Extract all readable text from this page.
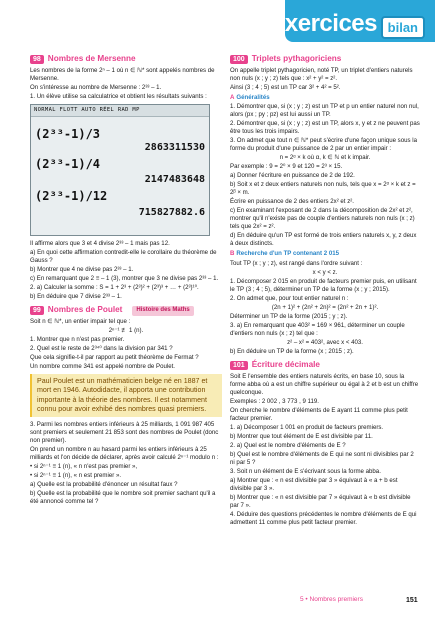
Exercices bilan
98 Nombres de Mersenne
Les nombres de la forme 2ⁿ – 1 où n ∈ ℕ* sont appelés nombres de Mersenne.
On s'intéresse au nombre de Mersenne : 2³³ – 1.
1. Un élève utilise sa calculatrice et obtient les résultats suivants :
NORMAL FLOTT AUTO RÉEL RAD MP
(2³³-1)/3
2863311530
(2³³-1)/4
2147483648
(2³³-1)/12
715827882.6
Il affirme alors que 3 et 4 divise 2³³ – 1 mais pas 12.
a) En quoi cette affirmation contredit-elle le corollaire du théorème de Gauss ?
b) Montrer que 4 ne divise pas 2³³ – 1.
c) En remarquant que 2 ≡ – 1 (3), montrer que 3 ne divise pas 2³³ – 1.
2. a) Calculer la somme : S = 1 + 2³ + (2³)² + (2³)³ + … + (2³)¹⁰.
b) En déduire que 7 divise 2³³ – 1.
99 Nombres de Poulet	Histoire des Maths
Soit n ∈ ℕ*, un entier impair tel que :
2ⁿ⁻¹ ≢ 1 (n).
1. Montrer que n n'est pas premier.
2. Quel est le reste de 2³⁴⁰ dans la division par 341 ?
Que cela signifie-t-il par rapport au petit théorème de Fermat ?
Un nombre comme 341 est appelé nombre de Poulet.
Paul Poulet est un mathématicien belge né en 1887 et mort en 1946. Autodidacte, il apporta une contribution importante à la théorie des nombres. Il est notamment connu pour avoir exhibé des nombres quasi premiers.
3. Parmi les nombres entiers inférieurs à 25 milliards, 1 091 987 405 sont premiers et seulement 21 853 sont des nombres de Poulet (donc non premier).
On prend un nombre n au hasard parmi les entiers inférieurs à 25 milliards et l'on décide de déclarer, après avoir calculé 2ⁿ⁻¹ modulo n :
• si 2ⁿ⁻¹ ≡ 1 (n), « n n'est pas premier »,
• si 2ⁿ⁻¹ ≡ 1 (n), « n est premier ».
a) Quelle est la probabilité d'énoncer un résultat faux ?
b) Quelle est la probabilité que le nombre soit premier sachant qu'il a été annoncé comme tel ?
100 Triplets pythagoriciens
On appelle triplet pythagoricien, noté TP, un triplet d'entiers naturels non nuls (x ; y ; z) tels que : x² + y² = z².
Ainsi (3 ; 4 ; 5) est un TP car 3² + 4² = 5².
A Généralités
1. Démontrer que, si (x ; y ; z) est un TP et p un entier naturel non nul, alors (px ; py ; pz) est lui aussi un TP.
2. Démontrer que, si (x ; y ; z) est un TP, alors x, y et z ne peuvent pas être tous les trois impairs.
3. On admet que tout n ∈ ℕ* peut s'écrire d'une façon unique sous la forme du produit d'une puissance de 2 par un entier impair :
n = 2ᵅ × k où α, k ∈ ℕ et k impair.
Par exemple : 9 = 2⁰ × 9 et 120 = 2³ × 15.
a) Donner l'écriture en puissance de 2 de 192.
b) Soit x et z deux entiers naturels non nuls, tels que x = 2ᵅ × k et z = 2ᵝ × m.
Écrire en puissance de 2 des entiers 2x² et z².
c) En examinant l'exposant de 2 dans la décomposition de 2x² et z², montrer qu'il n'existe pas de couple d'entiers naturels non nuls (x ; z) tels que 2x² = z².
d) En déduire qu'un TP est formé de trois entiers naturels x, y, z deux à deux distincts.
B Recherche d'un TP contenant 2 015
Tout TP (x ; y ; z), est rangé dans l'ordre suivant :
x < y < z.
1. Décomposer 2 015 en produit de facteurs premier puis, en utilisant le TP (3 ; 4 ; 5), déterminer un TP de la forme (x ; y ; 2015).
2. On admet que, pour tout entier naturel n :
(2n + 1)² + (2n² + 2n)² = (2n² + 2n + 1)².
Déterminer un TP de la forme (2015 ; y ; z).
3. a) En remarquant que 403² = 169 × 961, déterminer un couple d'entiers non nuls (x ; z) tel que :
z² – x² = 403², avec x < 403.
b) En déduire un TP de la forme (x ; 2015 ; z).
101 Écriture décimale
Soit E l'ensemble des entiers naturels écrits, en base 10, sous la forme abba où a est un chiffre supérieur ou égal à 2 et b est un chiffre quelconque.
Exemples : 2 002 , 3 773 , 9 119.
On cherche le nombre d'éléments de E ayant 11 comme plus petit facteur premier.
1. a) Décomposer 1 001 en produit de facteurs premiers.
b) Montrer que tout élément de E est divisible par 11.
2. a) Quel est le nombre d'éléments de E ?
b) Quel est le nombre d'éléments de E qui ne sont ni divisibles par 2 ni par 5 ?
3. Soit n un élément de E s'écrivant sous la forme abba.
a) Montrer que : « n est divisible par 3 » équivaut à « a + b est divisible par 3 ».
b) Montrer que : « n est divisible par 7 » équivaut à « b est divisible par 7 ».
4. Déduire des questions précédentes le nombre d'éléments de E qui admettent 11 comme plus petit facteur premier.
5 • Nombres premiers	151
